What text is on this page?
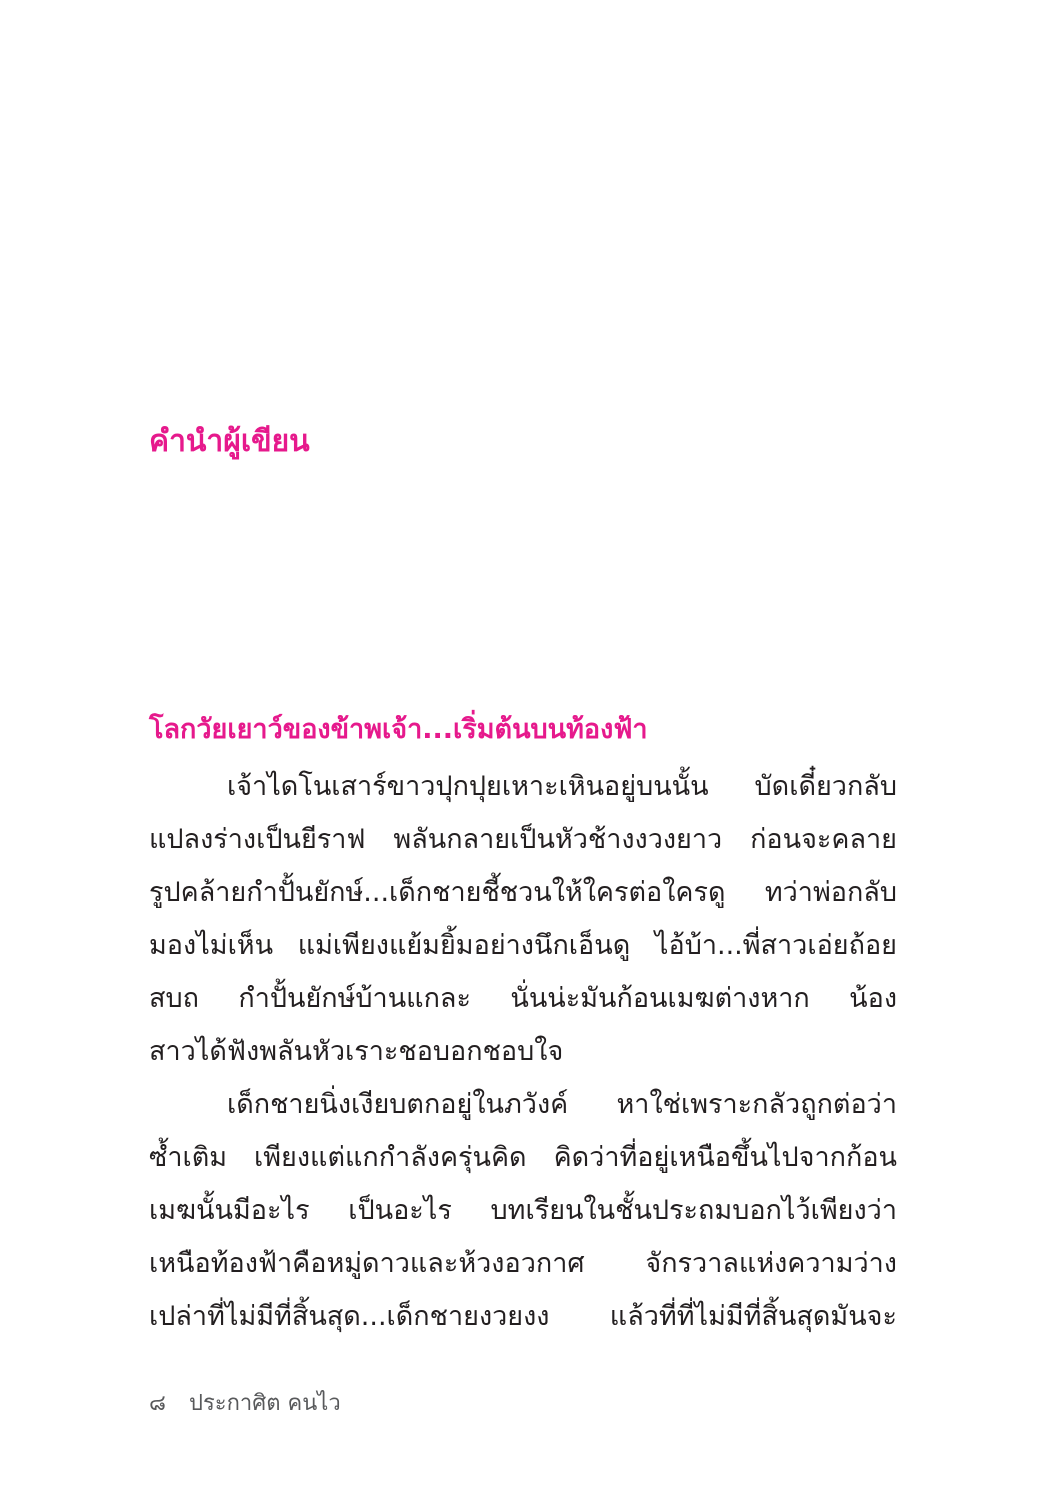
คำนำผู้เขียน
โลกวัยเยาว์ของข้าพเจ้า...เริ่มต้นบนท้องฟ้า
เจ้าไดโนเสาร์ขาวปุกปุยเหาะเหินอยู่บนนั้น บัดเดี๋ยวกลับ
แปลงร่างเป็นยีราฟ พลันกลายเป็นหัวช้างงวงยาว ก่อนจะคลาย
รูปคล้ายกำปั้นยักษ์...เด็กชายชี้ชวนให้ใครต่อใครดู ทว่าพ่อกลับ
มองไม่เห็น แม่เพียงแย้มยิ้มอย่างนึกเอ็นดู ไอ้บ้า...พี่สาวเอ่ยถ้อย
สบถ กำปั้นยักษ์บ้านแกละ นั่นน่ะมันก้อนเมฆต่างหาก น้อง
สาวได้ฟังพลันหัวเราะชอบอกชอบใจ
เด็กชายนิ่งเงียบตกอยู่ในภวังค์ หาใช่เพราะกลัวถูกต่อว่า
ซ้ำเติม เพียงแต่แกกำลังครุ่นคิด คิดว่าที่อยู่เหนือขึ้นไปจากก้อน
เมฆนั้นมีอะไร เป็นอะไร บทเรียนในชั้นประถมบอกไว้เพียงว่า
เหนือท้องฟ้าคือหมู่ดาวและห้วงอวกาศ จักรวาลแห่งความว่าง
เปล่าที่ไม่มีที่สิ้นสุด...เด็กชายงวยงง แล้วที่ที่ไม่มีที่สิ้นสุดมันจะ
๘ ประกาศิต คนไว
